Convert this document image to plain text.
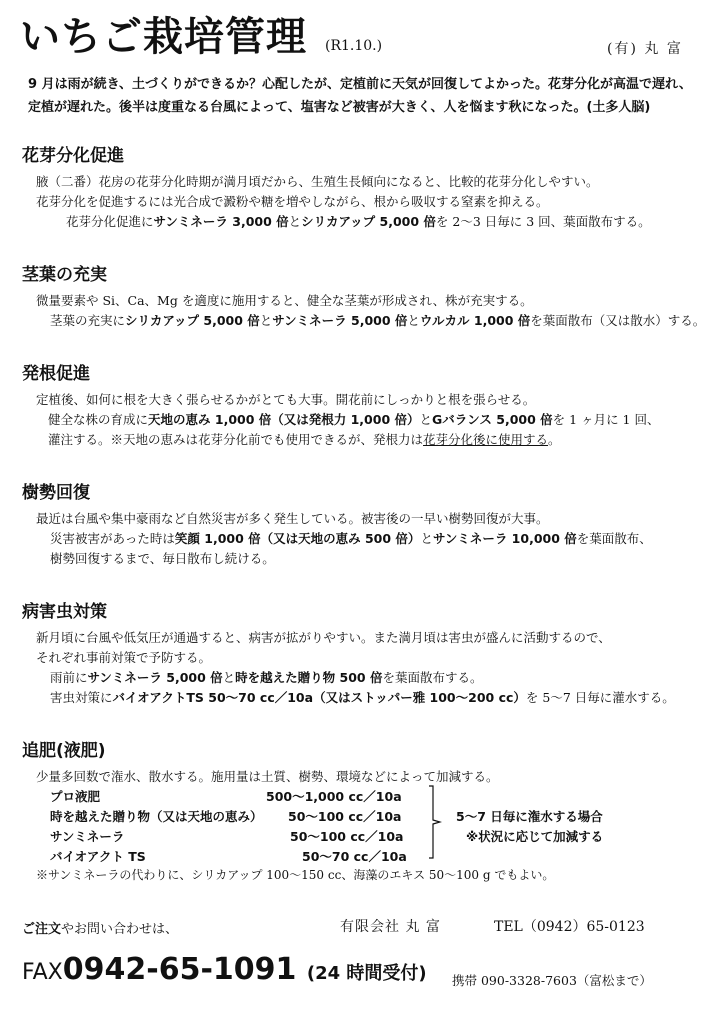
いちご栽培管理 (R1.10.)	(有) 丸 富
9 月は雨が続き、土づくりができるか？心配したが、定植前に天気が回復してよかった。花芽分化が高温で遅れ、
定植が遅れた。後半は度重なる台風によって、塩害など被害が大きく、人を悩ます秋になった。(土多人脳)
花芽分化促進
腋（二番）花房の花芽分化時期が満月頃だから、生殖生長傾向になると、比較的花芽分化しやすい。
花芽分化を促進するには光合成で澱粉や糖を増やしながら、根から吸収する窒素を抑える。
花芽分化促進にサンミネーラ 3,000 倍とシリカアップ 5,000 倍を 2～3 日毎に 3 回、葉面散布する。
茎葉の充実
微量要素や Si、Ca、Mg を適度に施用すると、健全な茎葉が形成され、株が充実する。
茎葉の充実にシリカアップ 5,000 倍とサンミネーラ 5,000 倍とウルカル 1,000 倍を葉面散布（又は散水）する。
発根促進
定植後、如何に根を大きく張らせるかがとても大事。開花前にしっかりと根を張らせる。
健全な株の育成に天地の恵み 1,000 倍（又は発根力 1,000 倍）とGバランス 5,000 倍を 1 ヶ月に 1 回、
灌注する。※天地の恵みは花芽分化前でも使用できるが、発根力は花芽分化後に使用する。
樹勢回復
最近は台風や集中豪雨など自然災害が多く発生している。被害後の一早い樹勢回復が大事。
災害被害があった時は笑顔 1,000 倍（又は天地の恵み 500 倍）とサンミネーラ 10,000 倍を葉面散布、
樹勢回復するまで、毎日散布し続ける。
病害虫対策
新月頃に台風や低気圧が通過すると、病害が拡がりやすい。また満月頃は害虫が盛んに活動するので、
それぞれ事前対策で予防する。
雨前にサンミネーラ 5,000 倍と時を越えた贈り物 500 倍を葉面散布する。
害虫対策にバイオアクトTS 50～70 cc／10a（又はストッパー雅 100～200 cc）を 5～7 日毎に灌水する。
追肥(液肥)
少量多回数で潅水、散水する。施用量は土質、樹勢、環境などによって加減する。
プロ液肥	500～1,000 cc／10a
時を越えた贈り物（又は天地の恵み） 50～100 cc／10a
サンミネーラ	50～100 cc／10a
バイオアクト TS	50～70 cc／10a
5～7 日毎に潅水する場合
※状況に応じて加減する
※サンミネーラの代わりに、シリカアップ 100～150 cc、海藻のエキス 50～100 g でもよい。
ご注文やお問い合わせは、	有限会社 丸 富	TEL（0942）65-0123
FAX0942-65-1091 (24 時間受付) 携帯 090-3328-7603（富松まで）
